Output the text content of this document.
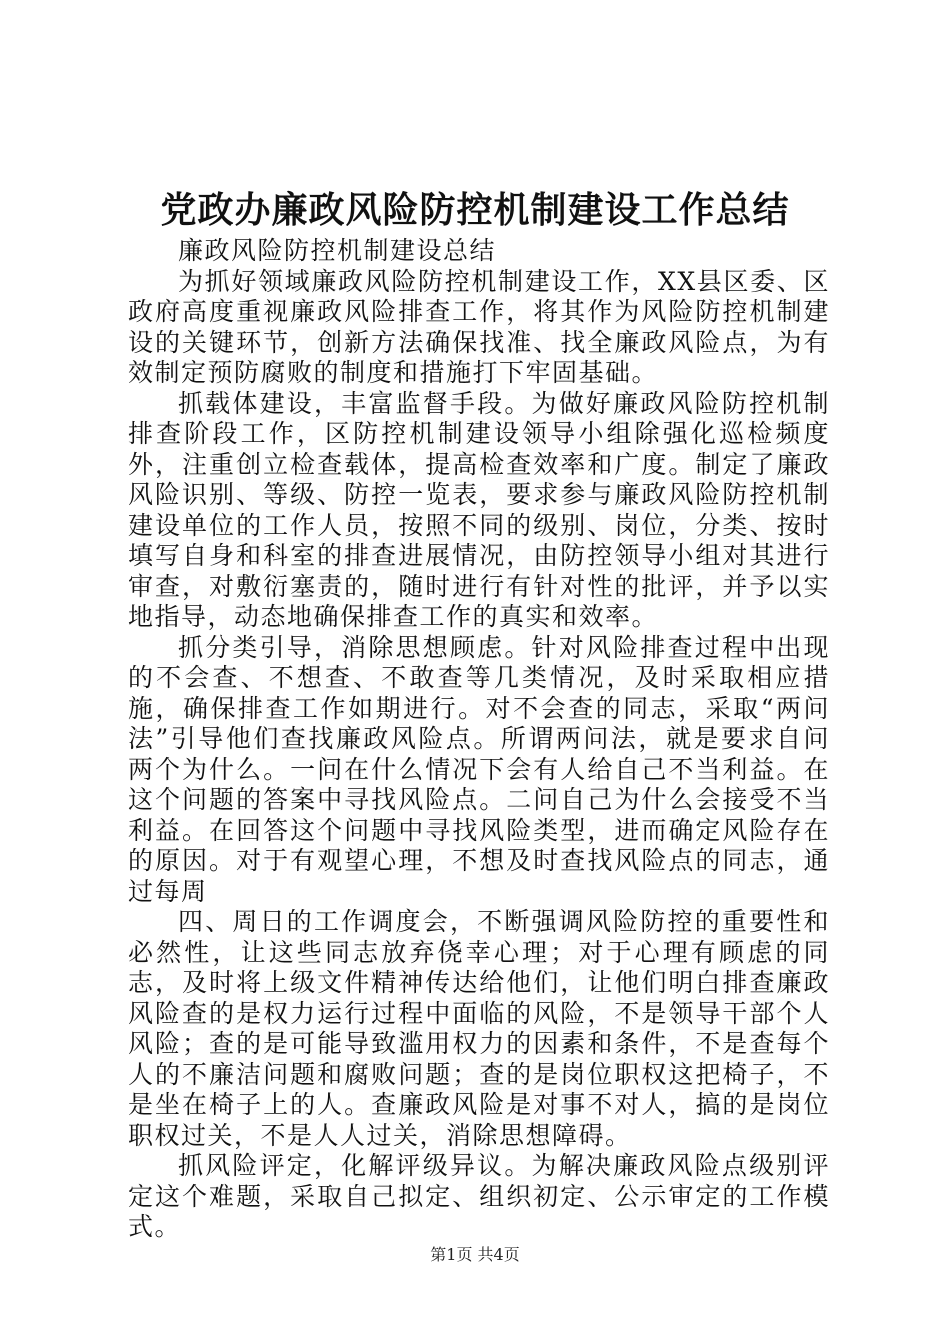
党政办廉政风险防控机制建设工作总结

廉政风险防控机制建设总结

为抓好领域廉政风险防控机制建设工作，XX县区委、区政府高度重视廉政风险排查工作，将其作为风险防控机制建设的关键环节，创新方法确保找准、找全廉政风险点，为有效制定预防腐败的制度和措施打下牢固基础。

抓载体建设，丰富监督手段。为做好廉政风险防控机制排查阶段工作，区防控机制建设领导小组除强化巡检频度外，注重创立检查载体，提高检查效率和广度。制定了廉政风险识别、等级、防控一览表，要求参与廉政风险防控机制建设单位的工作人员，按照不同的级别、岗位，分类、按时填写自身和科室的排查进展情况，由防控领导小组对其进行审查，对敷衍塞责的，随时进行有针对性的批评，并予以实地指导，动态地确保排查工作的真实和效率。

抓分类引导，消除思想顾虑。针对风险排查过程中出现的不会查、不想查、不敢查等几类情况，及时采取相应措施，确保排查工作如期进行。对不会查的同志，采取“两问法”引导他们查找廉政风险点。所谓两问法，就是要求自问两个为什么。一问在什么情况下会有人给自己不当利益。在这个问题的答案中寻找风险点。二问自己为什么会接受不当利益。在回答这个问题中寻找风险类型，进而确定风险存在的原因。对于有观望心理，不想及时查找风险点的同志，通过每周

四、周日的工作调度会，不断强调风险防控的重要性和必然性，让这些同志放弃侥幸心理；对于心理有顾虑的同志，及时将上级文件精神传达给他们，让他们明白排查廉政风险查的是权力运行过程中面临的风险，不是领导干部个人风险；查的是可能导致滥用权力的因素和条件，不是查每个人的不廉洁问题和腐败问题；查的是岗位职权这把椅子，不是坐在椅子上的人。查廉政风险是对事不对人，搞的是岗位职权过关，不是人人过关，消除思想障碍。

抓风险评定，化解评级异议。为解决廉政风险点级别评定这个难题，采取自己拟定、组织初定、公示审定的工作模式。

第1页 共4页
